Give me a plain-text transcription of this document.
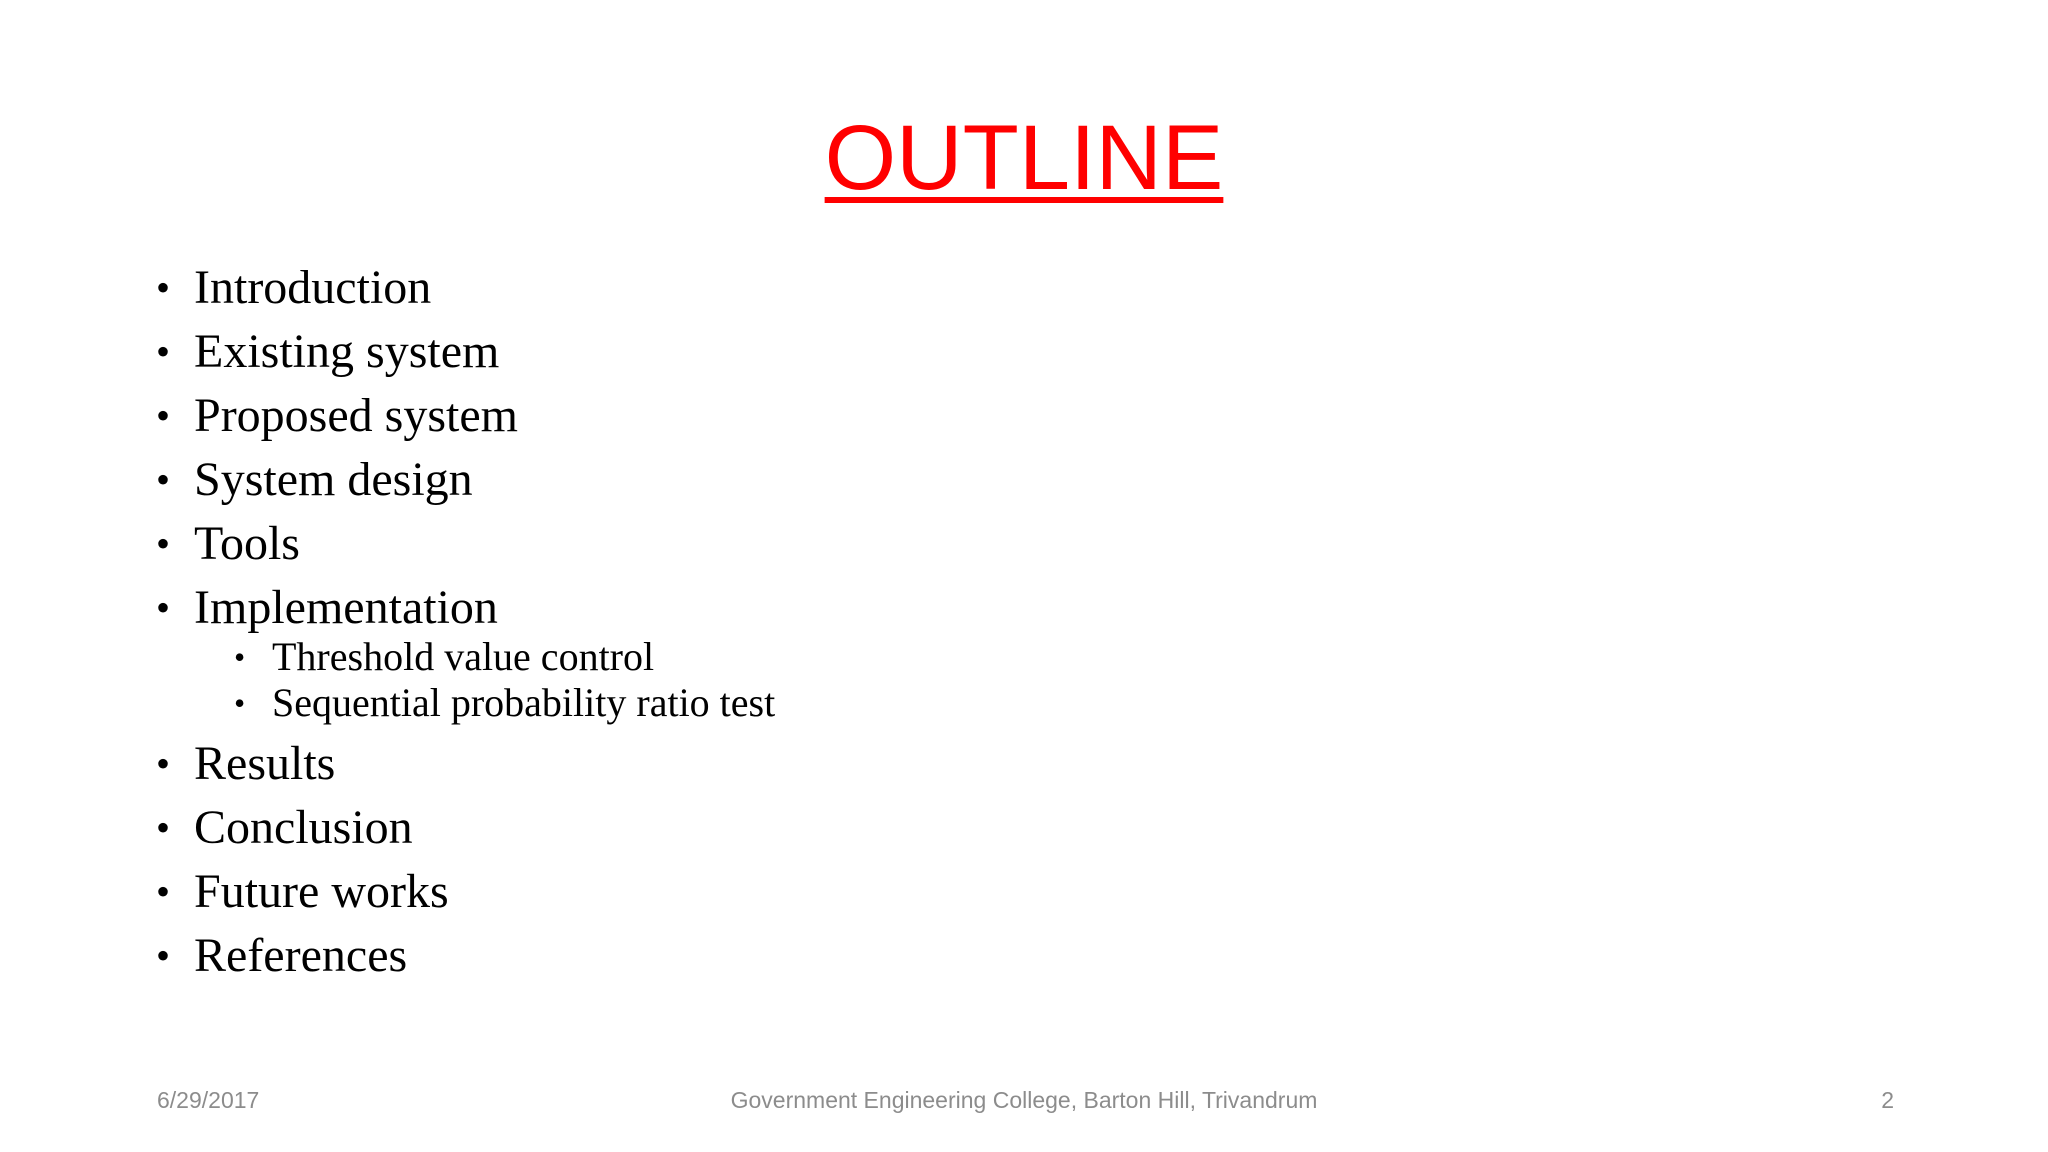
OUTLINE
• Introduction
• Existing system
• Proposed system
• System design
• Tools
• Implementation
• Threshold value control
• Sequential probability ratio test
• Results
• Conclusion
• Future works
• References
6/29/2017	Government Engineering College, Barton Hill, Trivandrum	2
